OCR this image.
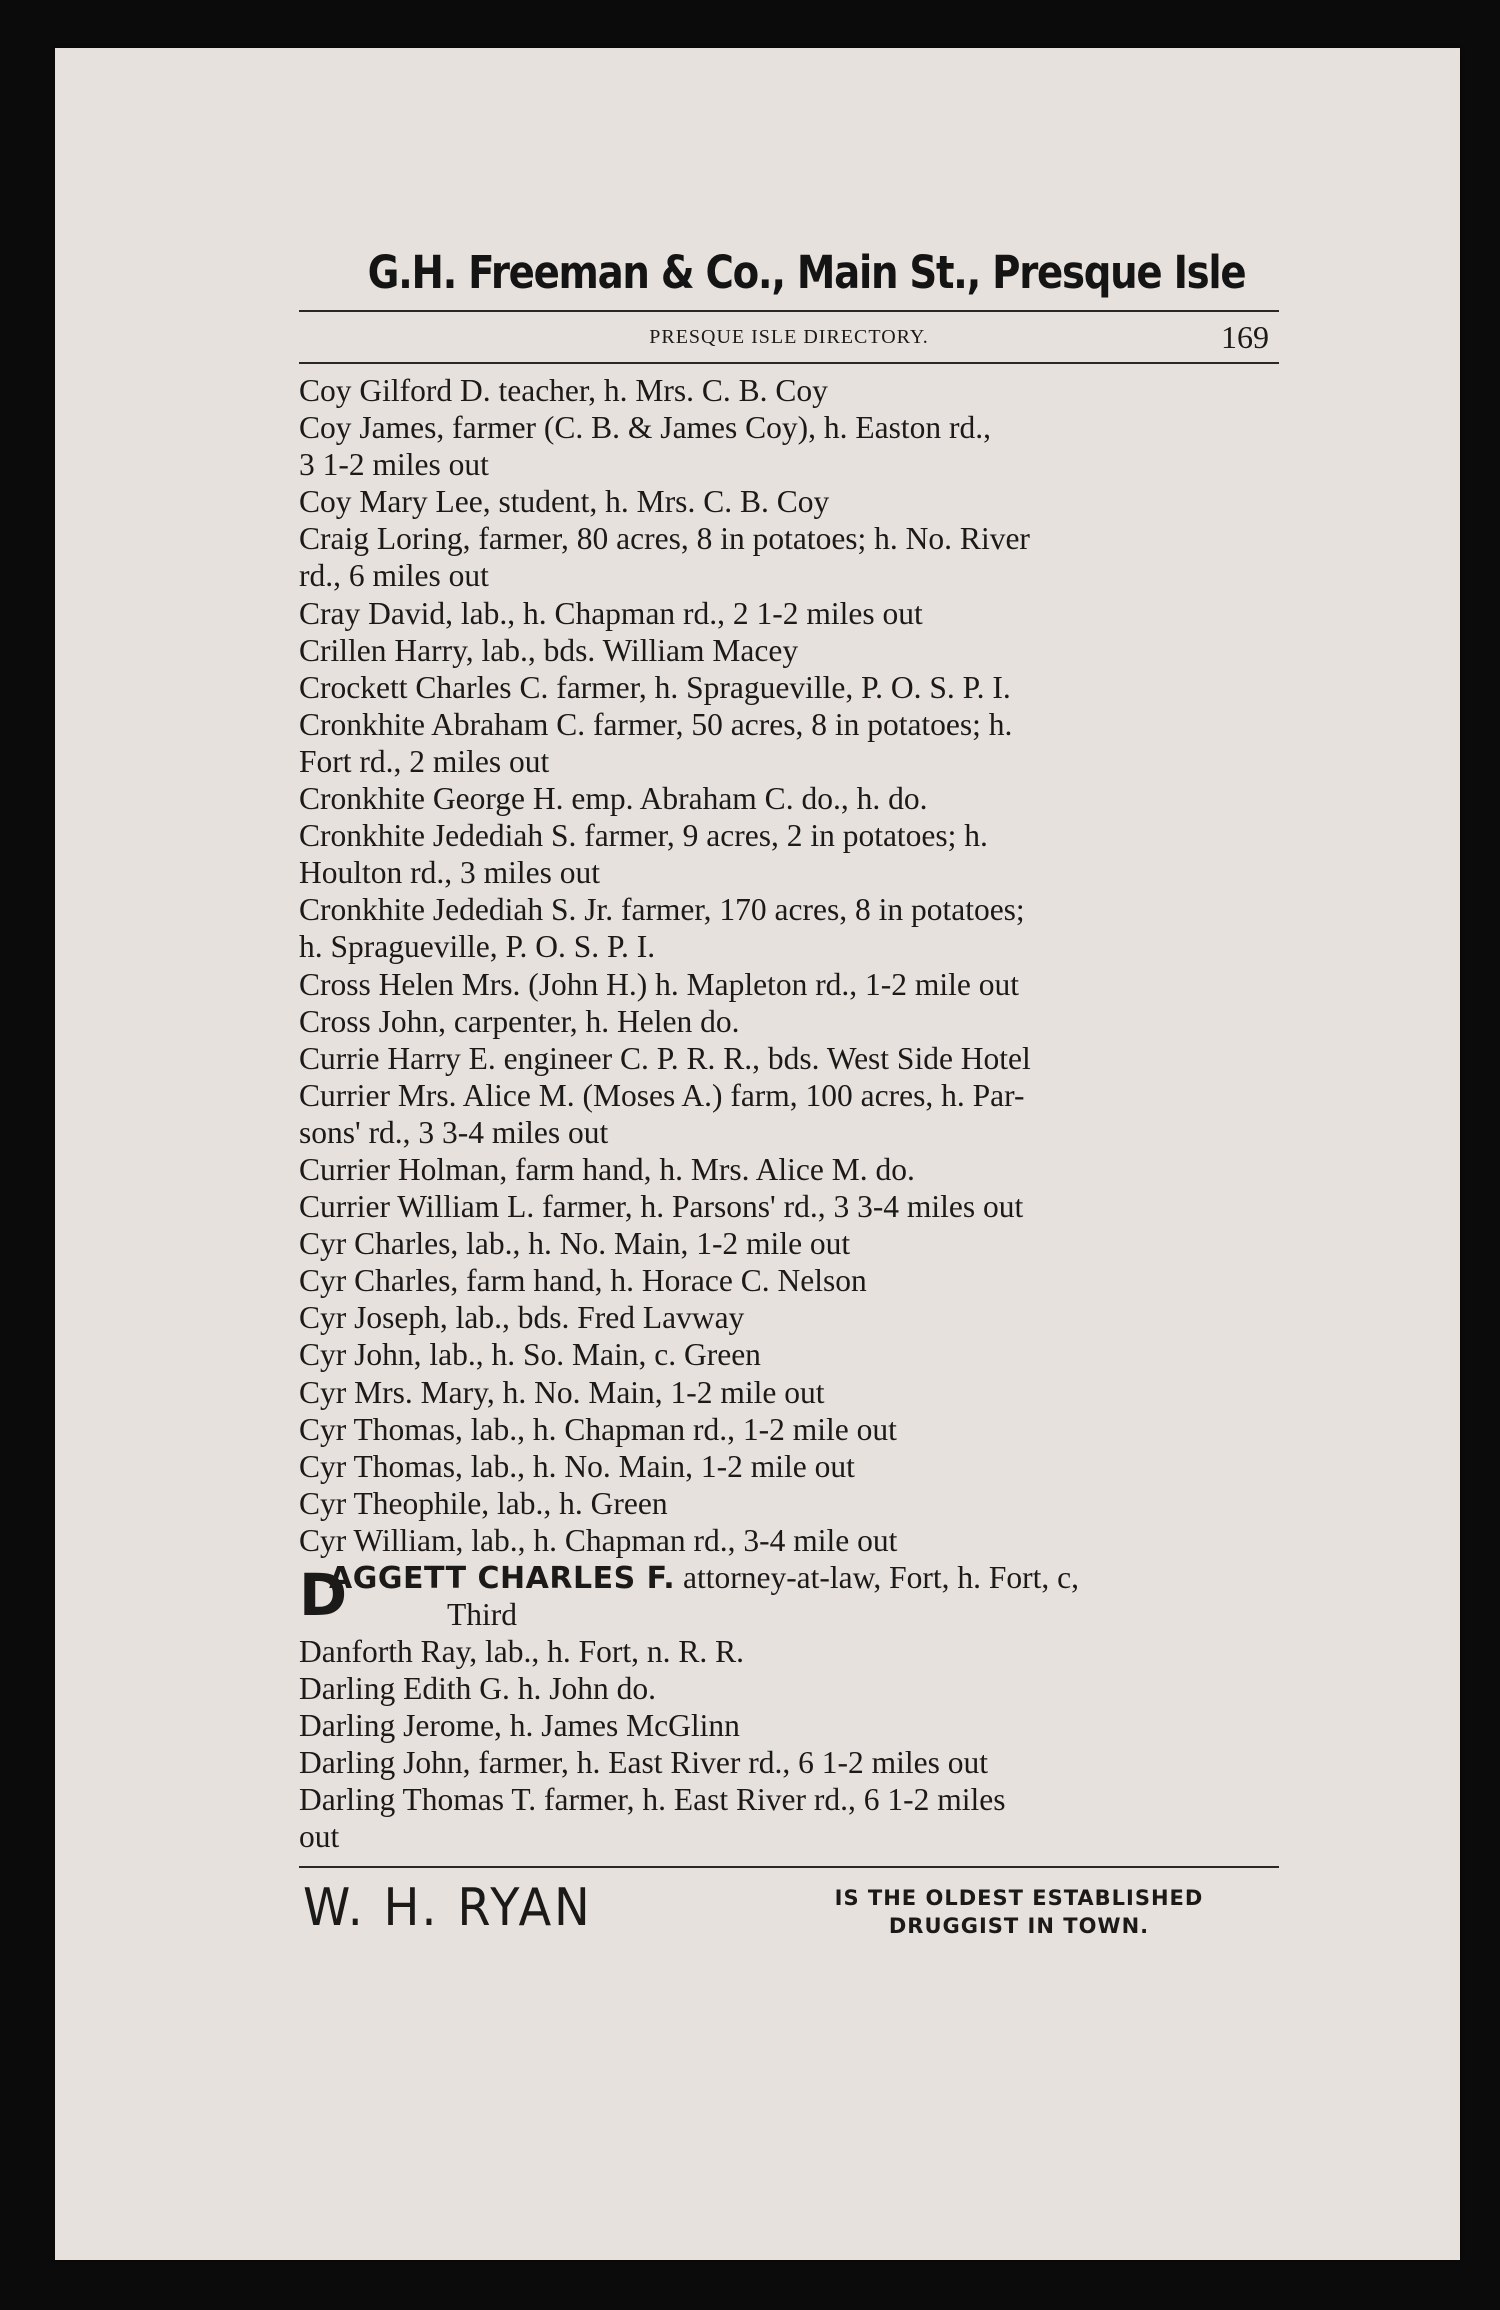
G.H. Freeman & Co., Main St., Presque Isle
PRESQUE ISLE DIRECTORY.	169
Coy Gilford D. teacher, h. Mrs. C. B. Coy
Coy James, farmer (C. B. & James Coy), h. Easton rd.,
3 1-2 miles out
Coy Mary Lee, student, h. Mrs. C. B. Coy
Craig Loring, farmer, 80 acres, 8 in potatoes; h. No. River
rd., 6 miles out
Cray David, lab., h. Chapman rd., 2 1-2 miles out
Crillen Harry, lab., bds. William Macey
Crockett Charles C. farmer, h. Spragueville, P. O. S. P. I.
Cronkhite Abraham C. farmer, 50 acres, 8 in potatoes; h.
Fort rd., 2 miles out
Cronkhite George H. emp. Abraham C. do., h. do.
Cronkhite Jedediah S. farmer, 9 acres, 2 in potatoes; h.
Houlton rd., 3 miles out
Cronkhite Jedediah S. Jr. farmer, 170 acres, 8 in potatoes;
h. Spragueville, P. O. S. P. I.
Cross Helen Mrs. (John H.) h. Mapleton rd., 1-2 mile out
Cross John, carpenter, h. Helen do.
Currie Harry E. engineer C. P. R. R., bds. West Side Hotel
Currier Mrs. Alice M. (Moses A.) farm, 100 acres, h. Par-
sons' rd., 3 3-4 miles out
Currier Holman, farm hand, h. Mrs. Alice M. do.
Currier William L. farmer, h. Parsons' rd., 3 3-4 miles out
Cyr Charles, lab., h. No. Main, 1-2 mile out
Cyr Charles, farm hand, h. Horace C. Nelson
Cyr Joseph, lab., bds. Fred Lavway
Cyr John, lab., h. So. Main, c. Green
Cyr Mrs. Mary, h. No. Main, 1-2 mile out
Cyr Thomas, lab., h. Chapman rd., 1-2 mile out
Cyr Thomas, lab., h. No. Main, 1-2 mile out
Cyr Theophile, lab., h. Green
Cyr William, lab., h. Chapman rd., 3-4 mile out
D
AGGETT CHARLES F. attorney-at-law, Fort, h. Fort, c,
Third
Danforth Ray, lab., h. Fort, n. R. R.
Darling Edith G. h. John do.
Darling Jerome, h. James McGlinn
Darling John, farmer, h. East River rd., 6 1-2 miles out
Darling Thomas T. farmer, h. East River rd., 6 1-2 miles
out
W. H. RYAN	IS THE OLDEST ESTABLISHED
DRUGGIST IN TOWN.
